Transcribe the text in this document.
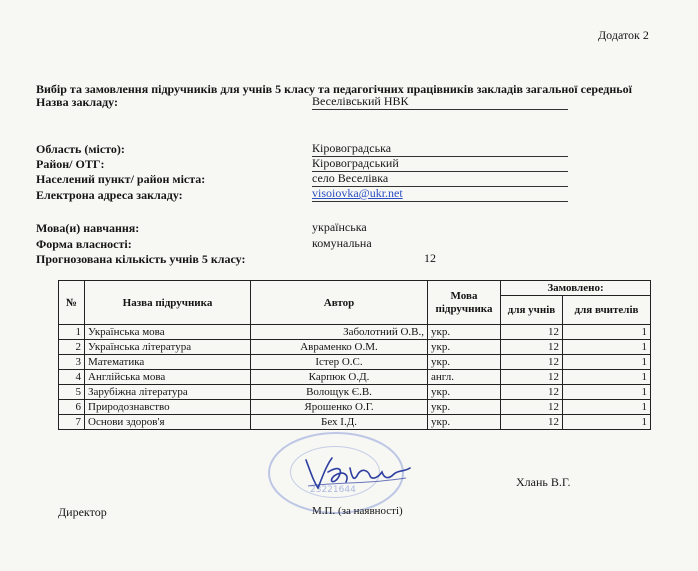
Додаток 2
Вибір та замовлення підручників для учнів 5 класу та педагогічних працівників закладів загальної середньої
Назва закладу:	Веселівський НВК
Область (місто):	Кіровоградська
Район/ ОТГ:	Кіровоградський
Населений пункт/ район міста:	село Веселівка
Електрона адреса закладу:	visoiovka@ukr.net
Мова(и) навчання:	українська
Форма власності:	комунальна
Прогнозована кількість учнів 5 класу:	12
№	Назва підручника	Автор	Мова підручника	Замовлено:	
				для учнів	для вчителів
1	Українська мова	Заболотний О.В.,	укр.	12	1
2	Українська література	Авраменко О.М.	укр.	12	1
3	Математика	Істер О.С.	укр.	12	1
4	Англійська мова	Карпюк О.Д.	англ.	12	1
5	Зарубіжна література	Волощук Є.В.	укр.	12	1
6	Природознавство	Ярошенко О.Г.	укр.	12	1
7	Основи здоров'я	Бех І.Д.	укр.	12	1
23221644
Хлань В.Г.
Директор	М.П. (за наявності)
